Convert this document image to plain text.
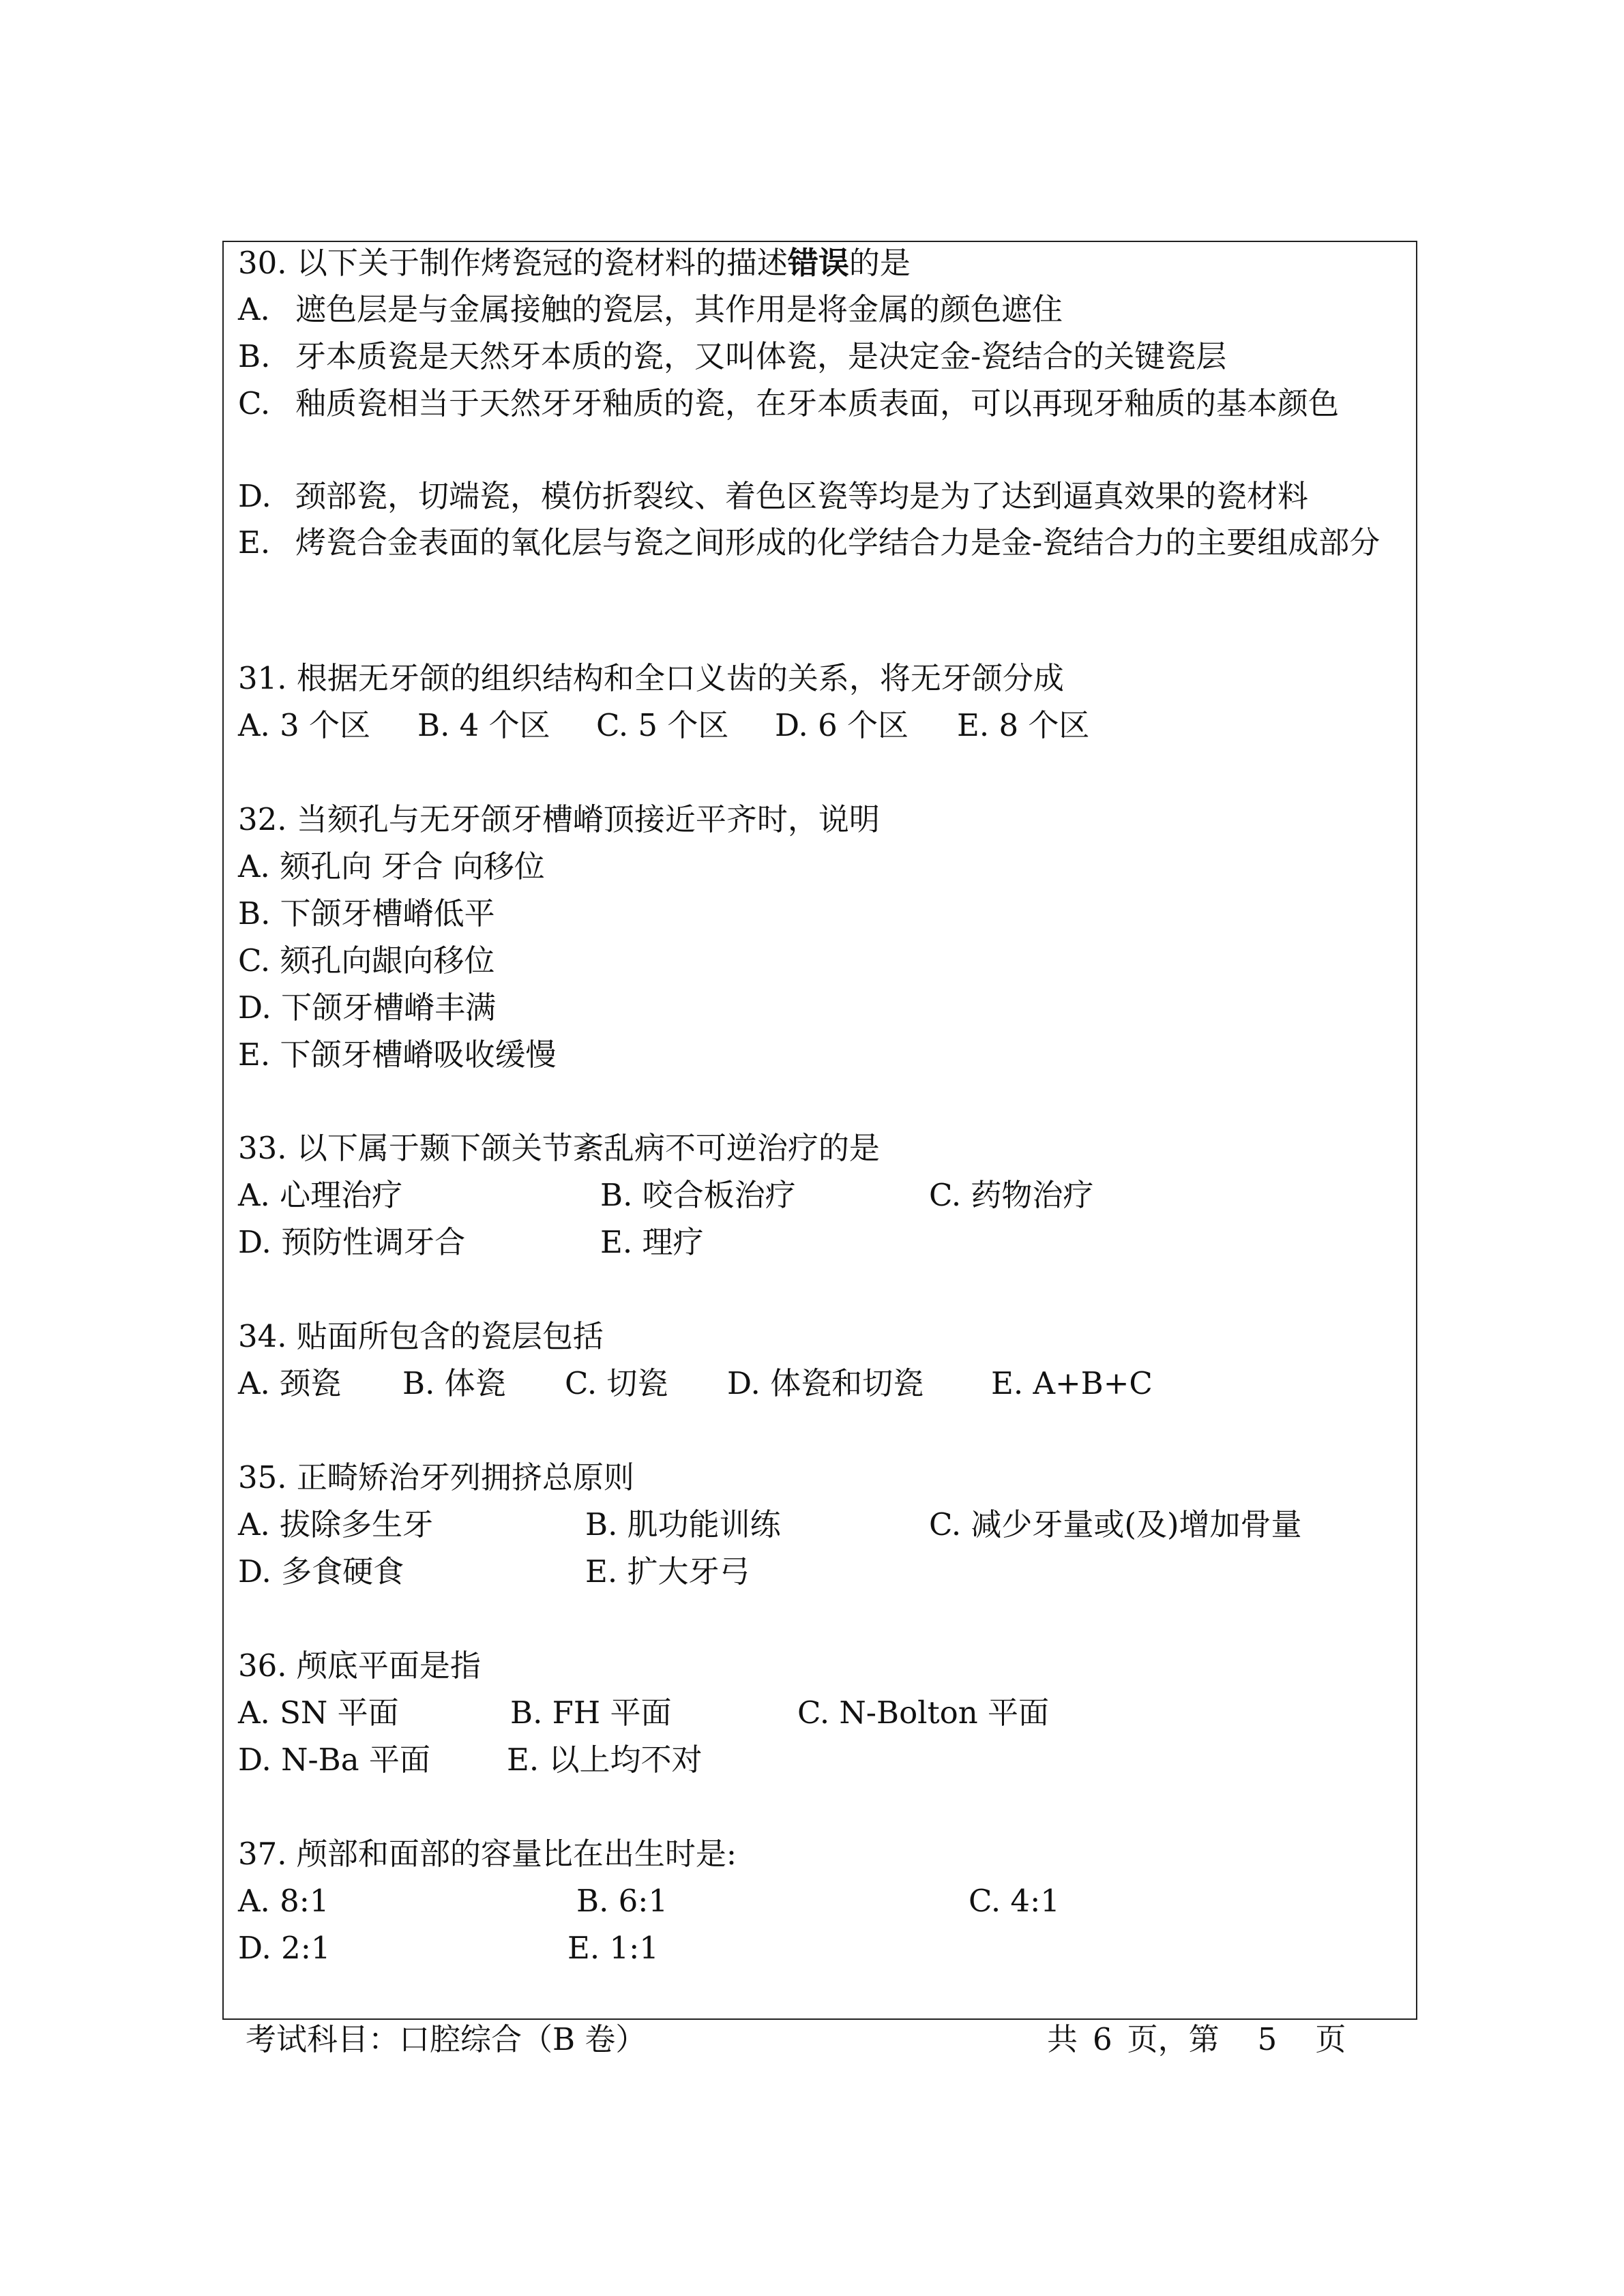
30. 以下关于制作烤瓷冠的瓷材料的描述错误的是
A. 遮色层是与金属接触的瓷层，其作用是将金属的颜色遮住
B. 牙本质瓷是天然牙本质的瓷，又叫体瓷，是决定金-瓷结合的关键瓷层
C. 釉质瓷相当于天然牙牙釉质的瓷，在牙本质表面，可以再现牙釉质的基本颜色
D. 颈部瓷，切端瓷，模仿折裂纹、着色区瓷等均是为了达到逼真效果的瓷材料
E. 烤瓷合金表面的氧化层与瓷之间形成的化学结合力是金-瓷结合力的主要组成部分
31. 根据无牙颌的组织结构和全口义齿的关系，将无牙颌分成
A. 3 个区 B. 4 个区 C. 5 个区 D. 6 个区 E. 8 个区
32. 当颏孔与无牙颌牙槽嵴顶接近平齐时，说明
A. 颏孔向 牙合 向移位
B. 下颌牙槽嵴低平
C. 颏孔向龈向移位
D. 下颌牙槽嵴丰满
E. 下颌牙槽嵴吸收缓慢
33. 以下属于颞下颌关节紊乱病不可逆治疗的是
A. 心理治疗	B. 咬合板治疗	C. 药物治疗
D. 预防性调牙合	E. 理疗
34. 贴面所包含的瓷层包括
A. 颈瓷 B. 体瓷 C. 切瓷 D. 体瓷和切瓷 E. A+B+C
35. 正畸矫治牙列拥挤总原则
A. 拔除多生牙	B. 肌功能训练	C. 减少牙量或(及)增加骨量
D. 多食硬食	E. 扩大牙弓
36. 颅底平面是指
A. SN 平面	B. FH 平面	C. N-Bolton 平面
D. N-Ba 平面 E. 以上均不对
37. 颅部和面部的容量比在出生时是:
A. 8:1	B. 6:1	C. 4:1
D. 2:1	E. 1:1
考试科目：口腔综合（B 卷）	共 6 页，第 5 页
